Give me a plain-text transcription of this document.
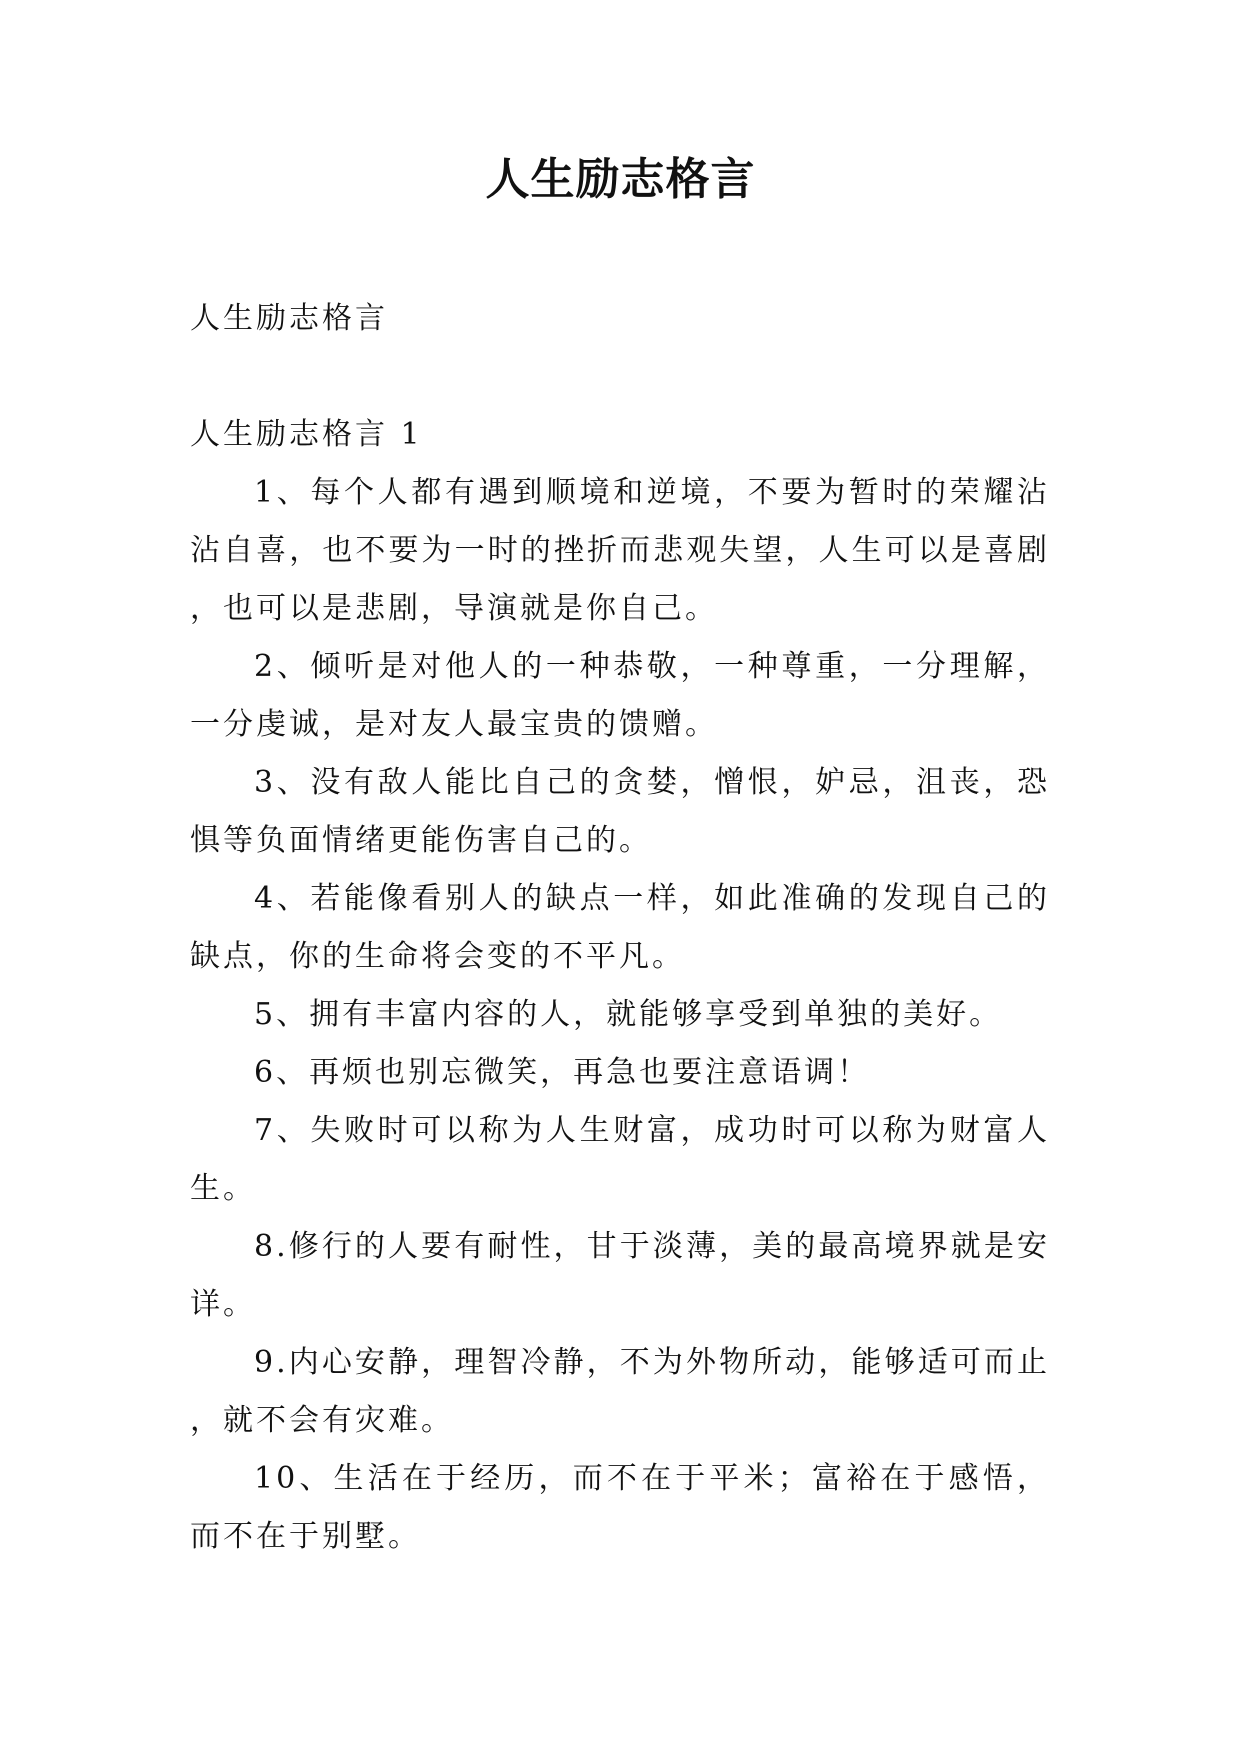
人生励志格言

人生励志格言

人生励志格言 1

1、每个人都有遇到顺境和逆境，不要为暂时的荣耀沾沾自喜，也不要为一时的挫折而悲观失望，人生可以是喜剧，也可以是悲剧，导演就是你自己。

2、倾听是对他人的一种恭敬，一种尊重，一分理解，一分虔诚，是对友人最宝贵的馈赠。

3、没有敌人能比自己的贪婪，憎恨，妒忌，沮丧，恐惧等负面情绪更能伤害自己的。

4、若能像看别人的缺点一样，如此准确的发现自己的缺点，你的生命将会变的不平凡。

5、拥有丰富内容的人，就能够享受到单独的美好。

6、再烦也别忘微笑，再急也要注意语调！

7、失败时可以称为人生财富，成功时可以称为财富人生。

8.修行的人要有耐性，甘于淡薄，美的最高境界就是安详。

9.内心安静，理智冷静，不为外物所动，能够适可而止，就不会有灾难。

10、生活在于经历，而不在于平米；富裕在于感悟，而不在于别墅。
